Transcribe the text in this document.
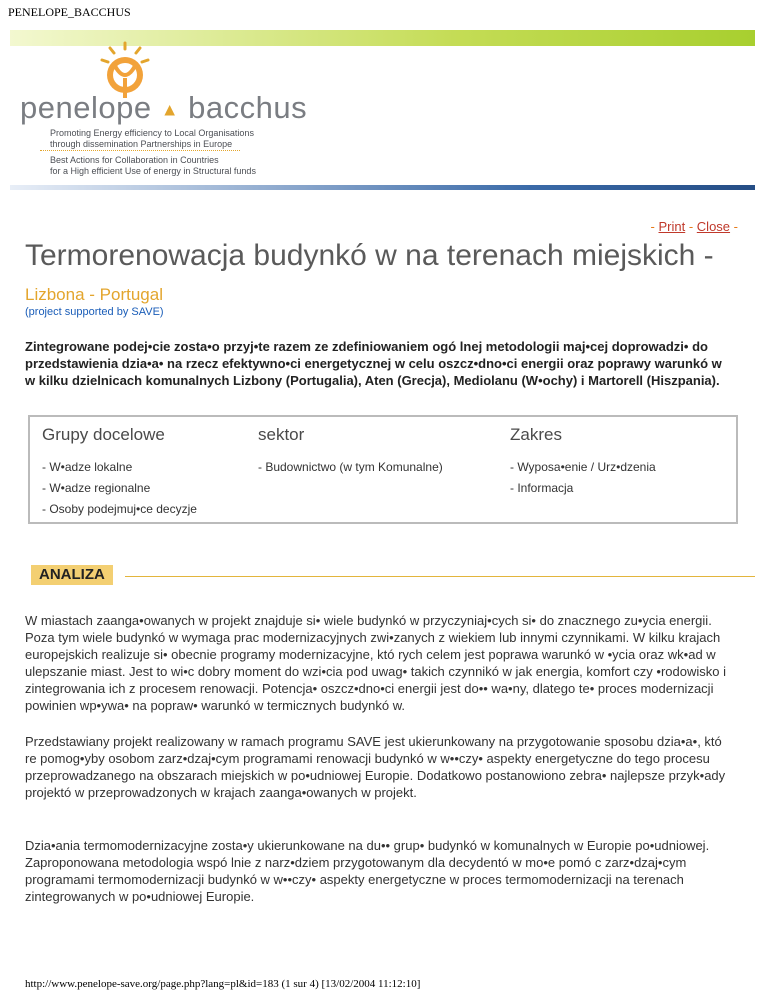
PENELOPE_BACCHUS
penelope ▲ bacchus
Promoting Energy efficiency to Local Organisations
through dissemination Partnerships in Europe
Best Actions for Collaboration in Countries
for a High efficient Use of energy in Structural funds
- Print - Close -
Termorenowacja budynkó w na terenach miejskich - Lizbona - Portugal
(project supported by SAVE)
Zintegrowane podej•cie zosta•o przyj•te razem ze zdefiniowaniem ogó lnej metodologii maj•cej doprowadzi• do przedstawienia dzia•a• na rzecz efektywno•ci energetycznej w celu oszcz•dno•ci energii oraz poprawy warunkó w w kilku dzielnicach komunalnych Lizbony (Portugalia), Aten (Grecja), Mediolanu (W•ochy) i Martorell (Hiszpania).
Grupy docelowe
- W•adze lokalne
- W•adze regionalne
- Osoby podejmuj•ce decyzje
sektor
- Budownictwo (w tym Komunalne)
Zakres
- Wyposa•enie / Urz•dzenia
- Informacja
ANALIZA

W miastach zaanga•owanych w projekt znajduje si• wiele budynkó w przyczyniaj•cych si• do znacznego zu•ycia energii. Poza tym wiele budynkó w wymaga prac modernizacyjnych zwi•zanych z wiekiem lub innymi czynnikami. W kilku krajach europejskich realizuje si• obecnie programy modernizacyjne, któ rych celem jest poprawa warunkó w •ycia oraz wk•ad w ulepszanie miast. Jest to wi•c dobry moment do wzi•cia pod uwag• takich czynnikó w jak energia, komfort czy •rodowisko i zintegrowania ich z procesem renowacji. Potencja• oszcz•dno•ci energii jest do•• wa•ny, dlatego te• proces modernizacji powinien wp•ywa• na popraw• warunkó w termicznych budynkó w.

Przedstawiany projekt realizowany w ramach programu SAVE jest ukierunkowany na przygotowanie sposobu dzia•a•, któ re pomog•yby osobom zarz•dzaj•cym programami renowacji budynkó w w••czy• aspekty energetyczne do tego procesu przeprowadzanego na obszarach miejskich w po•udniowej Europie. Dodatkowo postanowiono zebra• najlepsze przyk•ady projektó w przeprowadzonych w krajach zaanga•owanych w projekt.

Dzia•ania termomodernizacyjne zosta•y ukierunkowane na du•• grup• budynkó w komunalnych w Europie po•udniowej. Zaproponowana metodologia wspó lnie z narz•dziem przygotowanym dla decydentó w mo•e pomó c zarz•dzaj•cym programami termomodernizacji budynkó w w••czy• aspekty energetyczne w proces termomodernizacji na terenach zintegrowanych w po•udniowej Europie.

http://www.penelope-save.org/page.php?lang=pl&id=183 (1 sur 4) [13/02/2004 11:12:10]
